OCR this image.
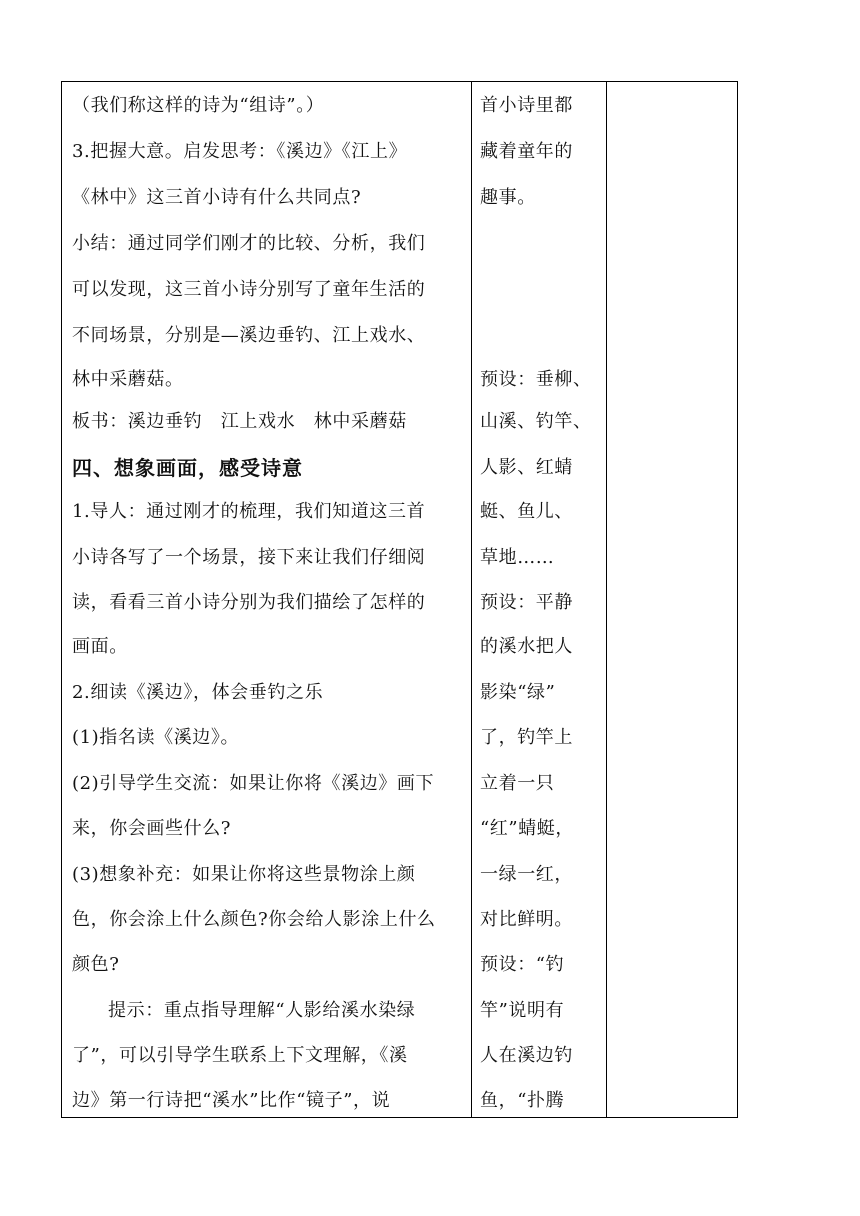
（我们称这样的诗为“组诗”。）
3.把握大意。启发思考：《溪边》《江上》
《林中》这三首小诗有什么共同点?
小结：通过同学们刚才的比较、分析，我们
可以发现，这三首小诗分别写了童年生活的
不同场景，分别是—溪边垂钓、江上戏水、
林中采蘑菇。
板书：溪边垂钓　江上戏水　林中采蘑菇
四、想象画面，感受诗意
1.导人：通过刚才的梳理，我们知道这三首
小诗各写了一个场景，接下来让我们仔细阅
读，看看三首小诗分别为我们描绘了怎样的
画面。
2.细读《溪边》，体会垂钓之乐
(1)指名读《溪边》。
(2)引导学生交流：如果让你将《溪边》画下
来，你会画些什么?
(3)想象补充：如果让你将这些景物涂上颜
色，你会涂上什么颜色?你会给人影涂上什么
颜色?
提示：重点指导理解“人影给溪水染绿
了”，可以引导学生联系上下文理解，《溪
边》第一行诗把“溪水”比作“镜子”，说
首小诗里都
藏着童年的
趣事。
预设：垂柳、
山溪、钓竿、
人影、红蜻
蜓、鱼儿、
草地……
预设：平静
的溪水把人
影染“绿”
了，钓竿上
立着一只
“红”蜻蜓，
一绿一红，
对比鲜明。
预设：“钓
竿”说明有
人在溪边钓
鱼，“扑腾
